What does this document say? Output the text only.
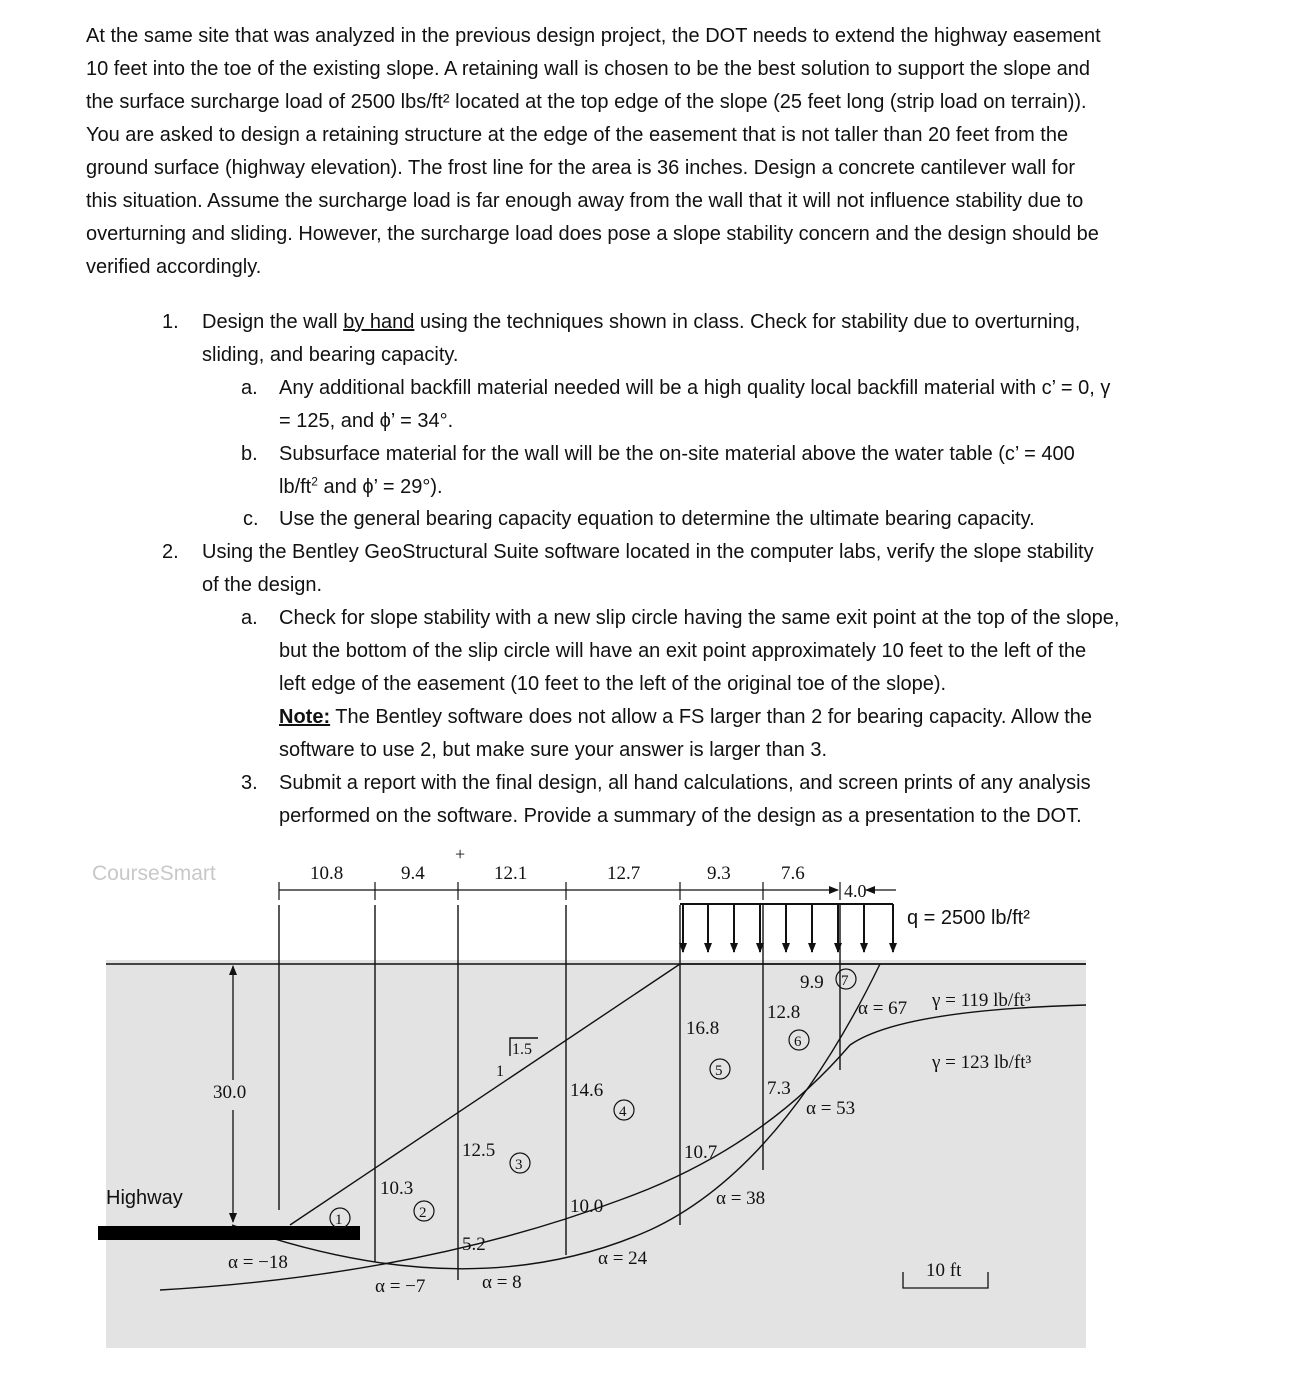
At the same site that was analyzed in the previous design project, the DOT needs to extend the highway easement
10 feet into the toe of the existing slope. A retaining wall is chosen to be the best solution to support the slope and
the surface surcharge load of 2500 lbs/ft² located at the top edge of the slope (25 feet long (strip load on terrain)).
You are asked to design a retaining structure at the edge of the easement that is not taller than 20 feet from the
ground surface (highway elevation). The frost line for the area is 36 inches. Design a concrete cantilever wall for
this situation. Assume the surcharge load is far enough away from the wall that it will not influence stability due to
overturning and sliding. However, the surcharge load does pose a slope stability concern and the design should be
verified accordingly.
1. Design the wall by hand using the techniques shown in class. Check for stability due to overturning,
sliding, and bearing capacity.
a. Any additional backfill material needed will be a high quality local backfill material with c’ = 0, γ
= 125, and ϕ’ = 34°.
b. Subsurface material for the wall will be the on-site material above the water table (c’ = 400
$lb/ft^2$ and ϕ’ = 29°).
c. Use the general bearing capacity equation to determine the ultimate bearing capacity.
2. Using the Bentley GeoStructural Suite software located in the computer labs, verify the slope stability
of the design.
a. Check for slope stability with a new slip circle having the same exit point at the top of the slope,
but the bottom of the slip circle will have an exit point approximately 10 feet to the left of the
left edge of the easement (10 feet to the left of the original toe of the slope).
Note: The Bentley software does not allow a FS larger than 2 for bearing capacity. Allow the
software to use 2, but make sure your answer is larger than 3.
3. Submit a report with the final design, all hand calculations, and screen prints of any analysis
performed on the software. Provide a summary of the design as a presentation to the DOT.
CourseSmart
+
10.8	9.4	12.1	12.7	9.3	7.6
4.0
q = 2500 lb/ft²
30.0
Highway
1
1.5
10.3
12.5
5.2
14.6
10.0
16.8
10.7
12.8
7.3
9.9
1	2
3
4
5
6
7
α = −18
α = −7	α = 8
α = 24
α = 38
α = 53
α = 67 γ = 119 lb/ft³
γ = 123 lb/ft³
10 ft
